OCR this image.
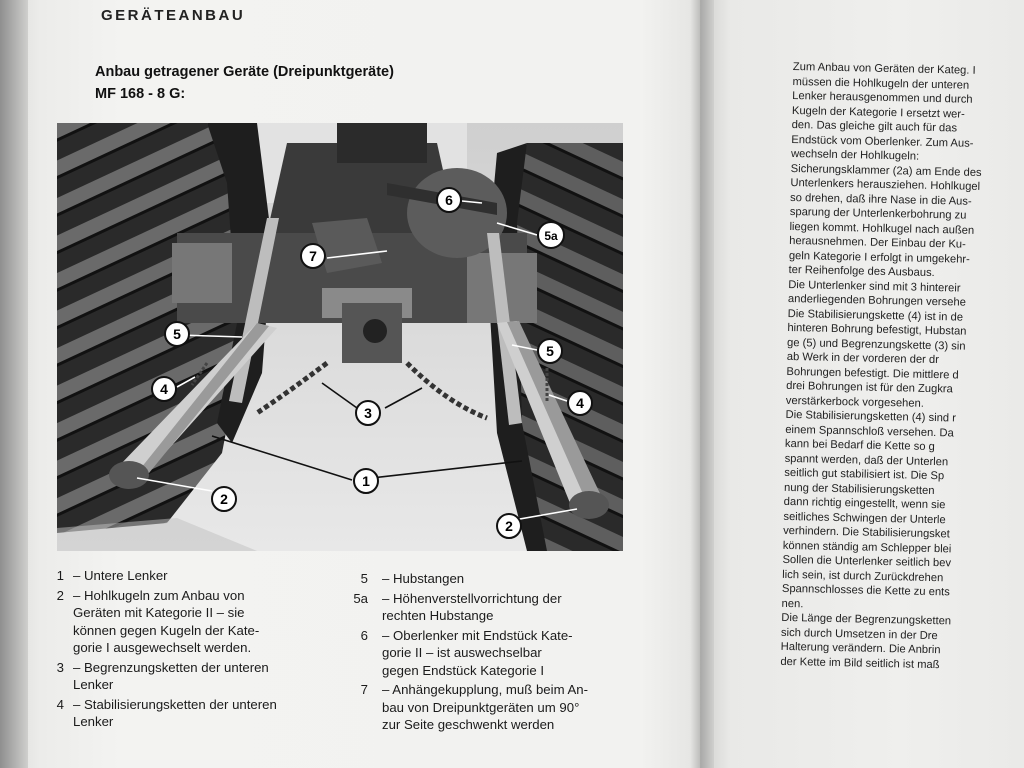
GERÄTEANBAU
Anbau getragener Geräte (Dreipunktgeräte)
MF 168 - 8 G:
1
2
2
3
4
4
5
5
5a
6
7
1 – Untere Lenker
2 – Hohlkugeln zum Anbau von
Geräten mit Kategorie II – sie
können gegen Kugeln der Kate-
gorie I ausgewechselt werden.
3 – Begrenzungsketten der unteren
Lenker
4 – Stabilisierungsketten der unteren
Lenker
5	– Hubstangen
5a	– Höhenverstellvorrichtung der
rechten Hubstange
6	– Oberlenker mit Endstück Kate-
gorie II – ist auswechselbar
gegen Endstück Kategorie I
7	– Anhängekupplung, muß beim An-
bau von Dreipunktgeräten um 90°
zur Seite geschwenkt werden

Zum Anbau von Geräten der Kateg. I

müssen die Hohlkugeln der unteren

Lenker herausgenommen und durch

Kugeln der Kategorie I ersetzt wer-

den. Das gleiche gilt auch für das

Endstück vom Oberlenker. Zum Aus-

wechseln der Hohlkugeln:

Sicherungsklammer (2a) am Ende des

Unterlenkers herausziehen. Hohlkugel

so drehen, daß ihre Nase in die Aus-

sparung der Unterlenkerbohrung zu

liegen kommt. Hohlkugel nach außen

herausnehmen. Der Einbau der Ku-

geln Kategorie I erfolgt in umgekehr-

ter Reihenfolge des Ausbaus.

Die Unterlenker sind mit 3 hintereir

anderliegenden Bohrungen versehe

Die Stabilisierungskette (4) ist in de

hinteren Bohrung befestigt, Hubstan

ge (5) und Begrenzungskette (3) sin

ab Werk in der vorderen der dr

Bohrungen befestigt. Die mittlere d

drei Bohrungen ist für den Zugkra

verstärkerbock vorgesehen.

Die Stabilisierungsketten (4) sind r

einem Spannschloß versehen. Da

kann bei Bedarf die Kette so g

spannt werden, daß der Unterlen

seitlich gut stabilisiert ist. Die Sp

nung der Stabilisierungsketten

dann richtig eingestellt, wenn sie

seitliches Schwingen der Unterle

verhindern. Die Stabilisierungsket

können ständig am Schlepper blei

Sollen die Unterlenker seitlich bev

lich sein, ist durch Zurückdrehen

Spannschlosses die Kette zu ents

nen.

Die Länge der Begrenzungsketten

sich durch Umsetzen in der Dre

Halterung verändern. Die Anbrin

der Kette im Bild seitlich ist maß
